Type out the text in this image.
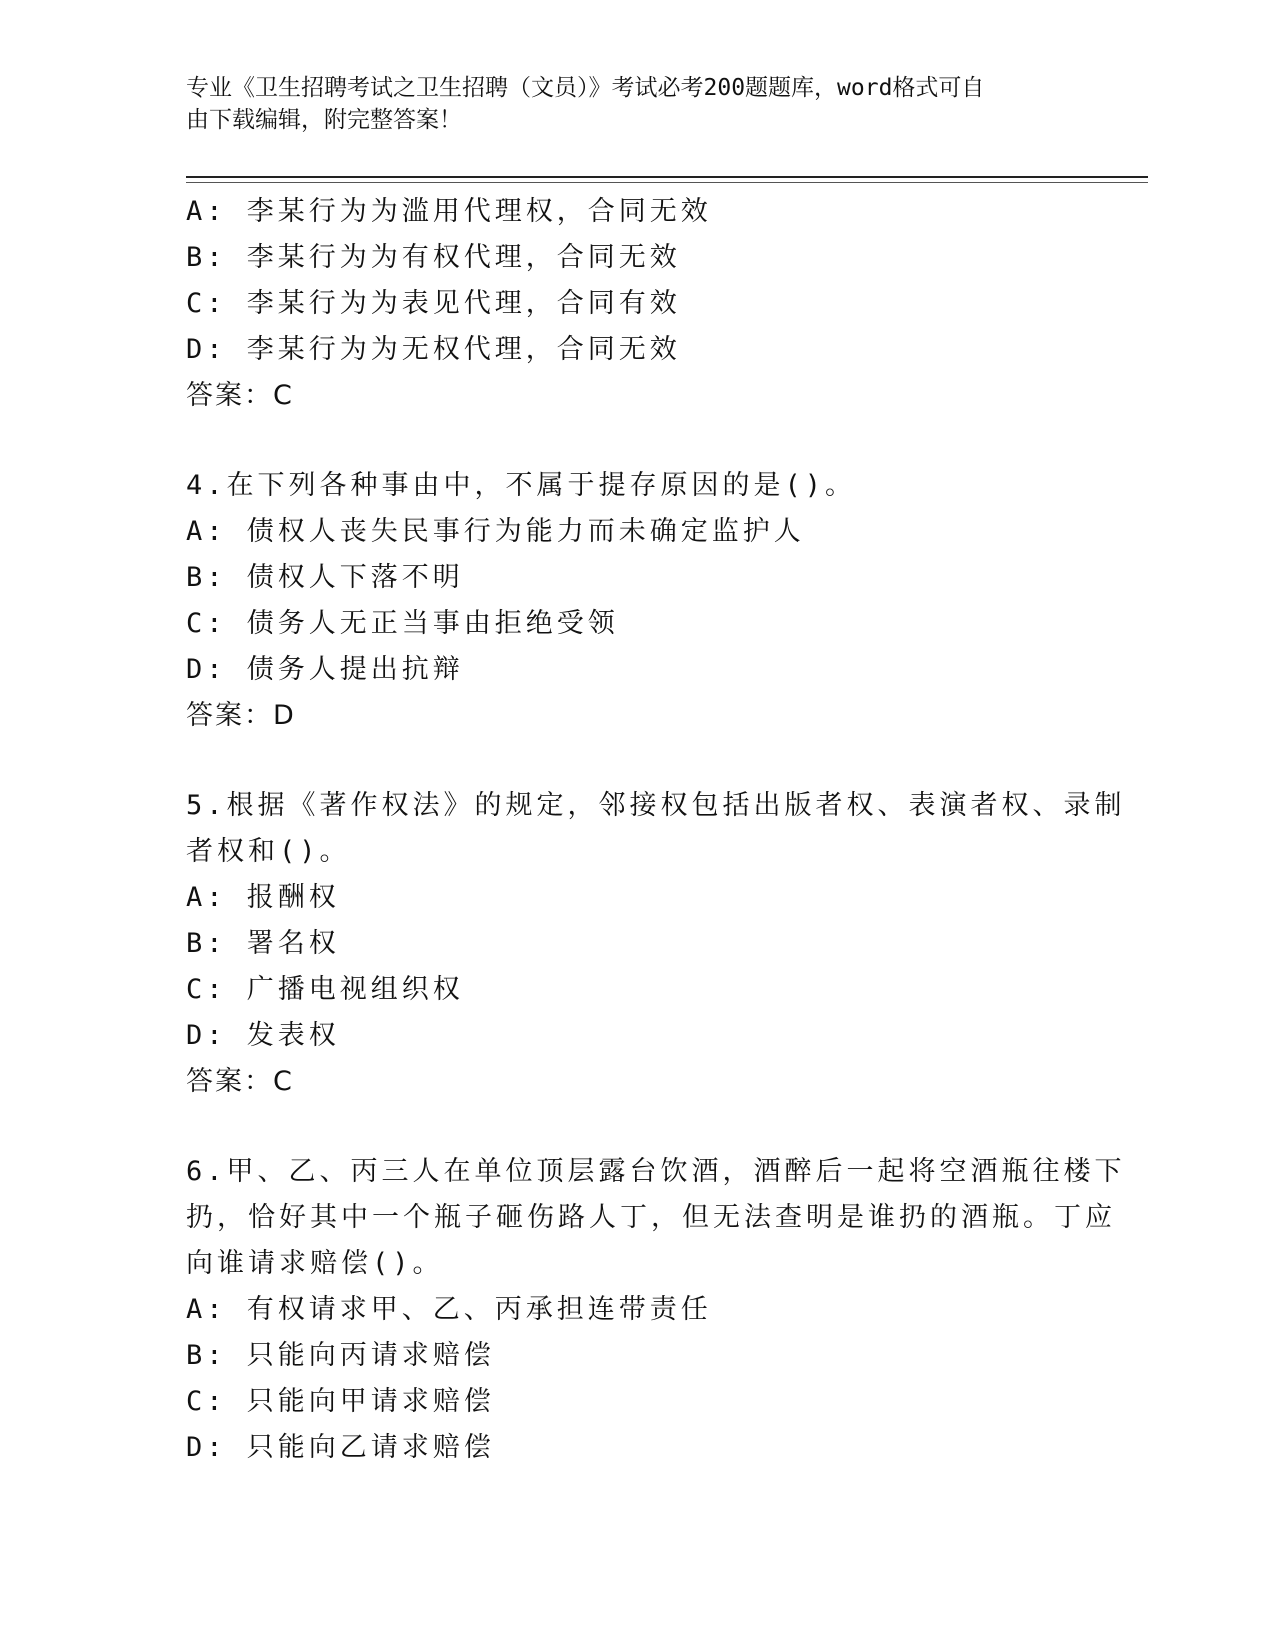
专业《卫生招聘考试之卫生招聘（文员）》考试必考200题题库，word格式可自
由下载编辑，附完整答案！
A: 李某行为为滥用代理权，合同无效
B: 李某行为为有权代理，合同无效
C: 李某行为为表见代理，合同有效
D: 李某行为为无权代理，合同无效
答案：C
4.在下列各种事由中，不属于提存原因的是()。
A: 债权人丧失民事行为能力而未确定监护人
B: 债权人下落不明
C: 债务人无正当事由拒绝受领
D: 债务人提出抗辩
答案：D
5.根据《著作权法》的规定，邻接权包括出版者权、表演者权、录制
者权和()。
A: 报酬权
B: 署名权
C: 广播电视组织权
D: 发表权
答案：C
6.甲、乙、丙三人在单位顶层露台饮酒，酒醉后一起将空酒瓶往楼下
扔，恰好其中一个瓶子砸伤路人丁，但无法查明是谁扔的酒瓶。丁应
向谁请求赔偿()。
A: 有权请求甲、乙、丙承担连带责任
B: 只能向丙请求赔偿
C: 只能向甲请求赔偿
D: 只能向乙请求赔偿
